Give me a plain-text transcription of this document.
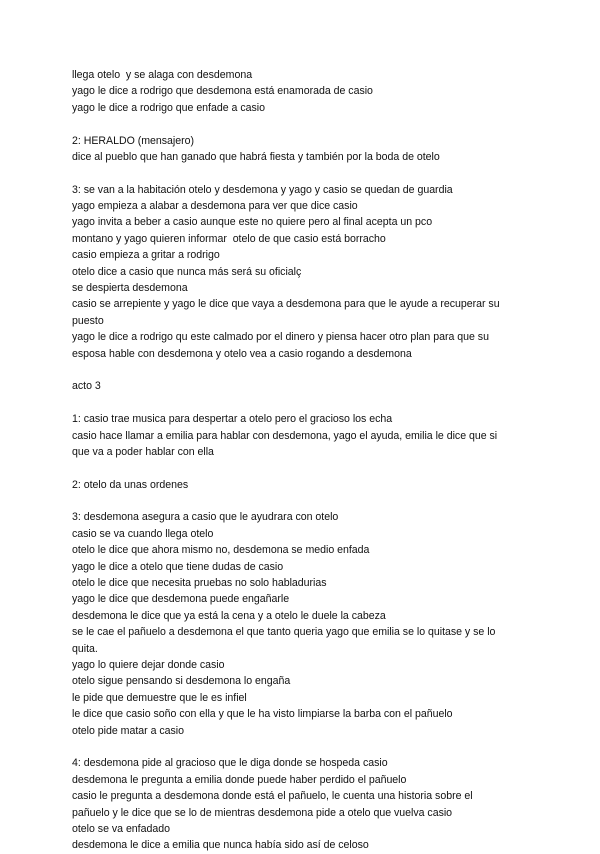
llega otelo  y se alaga con desdemona
yago le dice a rodrigo que desdemona está enamorada de casio
yago le dice a rodrigo que enfade a casio
2: HERALDO (mensajero)
dice al pueblo que han ganado que habrá fiesta y también por la boda de otelo
3: se van a la habitación otelo y desdemona y yago y casio se quedan de guardia
yago empieza a alabar a desdemona para ver que dice casio
yago invita a beber a casio aunque este no quiere pero al final acepta un pco
montano y yago quieren informar  otelo de que casio está borracho
casio empieza a gritar a rodrigo
otelo dice a casio que nunca más será su oficialç
se despierta desdemona
casio se arrepiente y yago le dice que vaya a desdemona para que le ayude a recuperar su
puesto
yago le dice a rodrigo qu este calmado por el dinero y piensa hacer otro plan para que su
esposa hable con desdemona y otelo vea a casio rogando a desdemona
acto 3
1: casio trae musica para despertar a otelo pero el gracioso los echa
casio hace llamar a emilia para hablar con desdemona, yago el ayuda, emilia le dice que si
que va a poder hablar con ella
2: otelo da unas ordenes
3: desdemona asegura a casio que le ayudrara con otelo
casio se va cuando llega otelo
otelo le dice que ahora mismo no, desdemona se medio enfada
yago le dice a otelo que tiene dudas de casio
otelo le dice que necesita pruebas no solo habladurias
yago le dice que desdemona puede engañarle
desdemona le dice que ya está la cena y a otelo le duele la cabeza
se le cae el pañuelo a desdemona el que tanto queria yago que emilia se lo quitase y se lo
quita.
yago lo quiere dejar donde casio
otelo sigue pensando si desdemona lo engaña
le pide que demuestre que le es infiel
le dice que casio soño con ella y que le ha visto limpiarse la barba con el pañuelo
otelo pide matar a casio
4: desdemona pide al gracioso que le diga donde se hospeda casio
desdemona le pregunta a emilia donde puede haber perdido el pañuelo
casio le pregunta a desdemona donde está el pañuelo, le cuenta una historia sobre el
pañuelo y le dice que se lo de mientras desdemona pide a otelo que vuelva casio
otelo se va enfadado
desdemona le dice a emilia que nunca había sido así de celoso
